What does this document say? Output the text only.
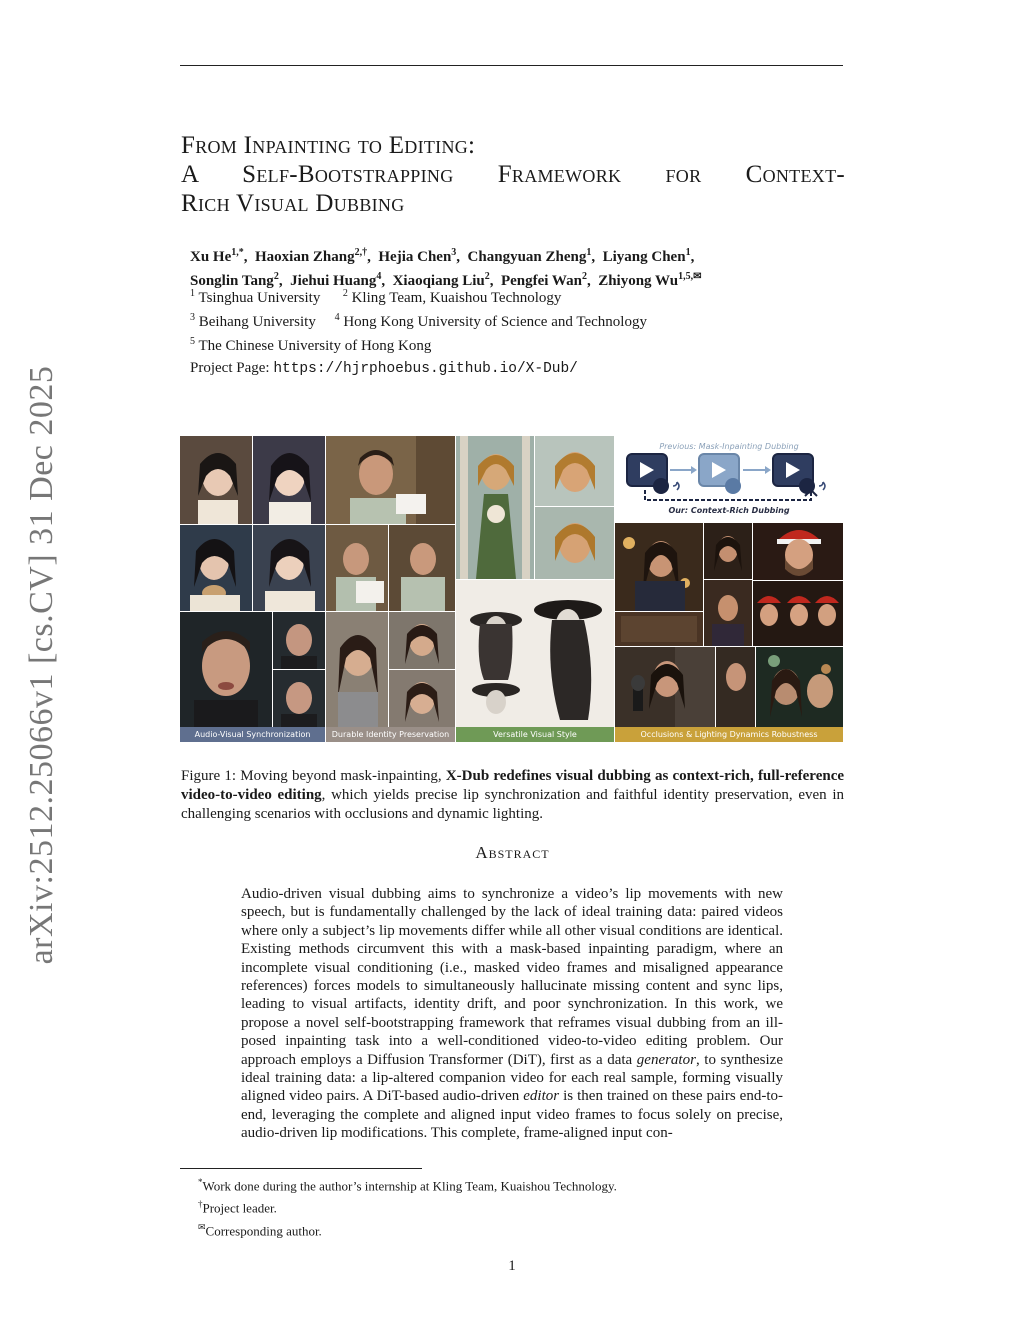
arXiv:2512.25066v1 [cs.CV] 31 Dec 2025
From Inpainting to Editing:
A Self-Bootstrapping Framework for Context-
Rich Visual Dubbing
Xu $He^{1,*}$,  Haoxian Zhang$^{2,\dagger}$,  Hejia Chen$^3$,  Changyuan Zheng$^1$,  Liyang Chen$^1$,
Songlin Tang$^2$,  Jiehui Huang$^4$,  Xiaoqiang Liu$^2$,  Pengfei Wan$^2$,  Zhiyong $Wu^{1,5,✉}$
$^1$ Tsinghua University $^2$ Kling Team, Kuaishou Technology
$^3$ Beihang University $^4$ Hong Kong University of Science and Technology
$^5$ The Chinese University of Hong Kong
Project Page: https://hjrphoebus.github.io/X-Dub/
Previous: Mask-Inpainting Dubbing
Our: Context-Rich Dubbing
Audio-Visual Synchronization	Durable Identity Preservation	Versatile Visual Style	Occlusions & Lighting Dynamics Robustness
Figure 1: Moving beyond mask-inpainting, X-Dub redefines visual dubbing as context-rich, full-reference video-to-video editing, which yields precise lip synchronization and faithful identity preservation, even in challenging scenarios with occlusions and dynamic lighting.
Abstract
Audio-driven visual dubbing aims to synchronize a video’s lip movements with new speech, but is fundamentally challenged by the lack of ideal training data: paired videos where only a subject’s lip movements differ while all other visual conditions are identical. Existing methods circumvent this with a mask-based inpainting paradigm, where an incomplete visual conditioning (i.e., masked video frames and misaligned appearance references) forces models to simultaneously hallucinate missing content and sync lips, leading to visual artifacts, identity drift, and poor synchronization. In this work, we propose a novel self-bootstrapping framework that reframes visual dubbing from an ill-posed inpainting task into a well-conditioned video-to-video editing problem. Our approach employs a Diffusion Transformer (DiT), first as a data generator, to synthesize ideal training data: a lip-altered companion video for each real sample, forming visually aligned video pairs. A DiT-based audio-driven editor is then trained on these pairs end-to-end, leveraging the complete and aligned input video frames to focus solely on precise, audio-driven lip modifications. This complete, frame-aligned input con-
*Work done during the author’s internship at Kling Team, Kuaishou Technology.
†Project leader.
✉Corresponding author.
1
